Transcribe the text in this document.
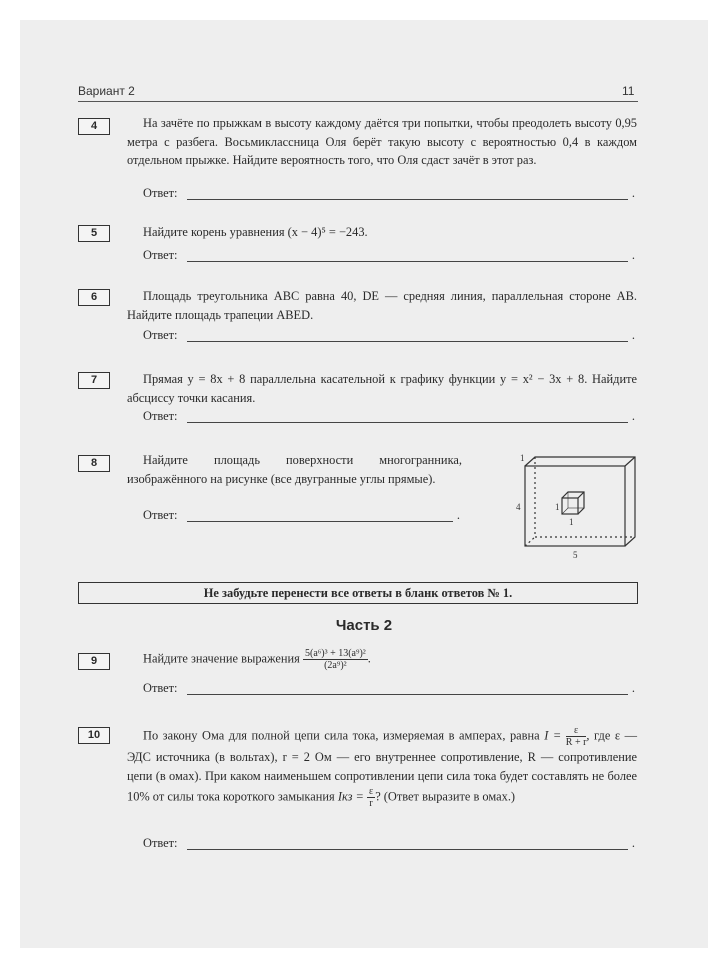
Вариант 2	11
4	На зачёте по прыжкам в высоту каждому даётся три попытки, чтобы преодолеть высоту 0,95 метра с разбега. Восьмиклассница Оля берёт такую высоту с вероятностью 0,4 в каждом отдельном прыжке. Найдите вероятность того, что Оля сдаст зачёт в этот раз.
Ответ:	.
5	Найдите корень уравнения (x − 4)⁵ = −243.
Ответ:	.
6	Площадь треугольника ABC равна 40, DE — средняя линия, параллельная стороне AB. Найдите площадь трапеции ABED.
Ответ:	.
7	Прямая y = 8x + 8 параллельна касательной к графику функции y = x² − 3x + 8. Найдите абсциссу точки касания.
Ответ:	.
8	Найдите площадь поверхности многогранника, изображённого на рисунке (все двугранные углы прямые).
Ответ:	.
1
4
5
1
1
Не забудьте перенести все ответы в бланк ответов № 1.
Часть 2
9	Найдите значение выражения $\frac{\text{5(a⁶)³ + 13(a⁹)²}}{\text{(2a⁹)²}}$ .
Ответ:	.
10	По закону Ома для полной цепи сила тока, измеряемая в амперах, равна $I = \frac{\varepsilon}{R + r}$ , где ε — ЭДС источника (в вольтах), r = 2 Ом — его внутреннее сопротивление, R — сопротивление цепи (в омах). При каком наименьшем сопротивлении цепи сила тока будет составлять не более 10% от силы тока короткого замыкания Iкз = $\frac{\varepsilon}{r}$ ? (Ответ выразите в омах.)
Ответ:	.
